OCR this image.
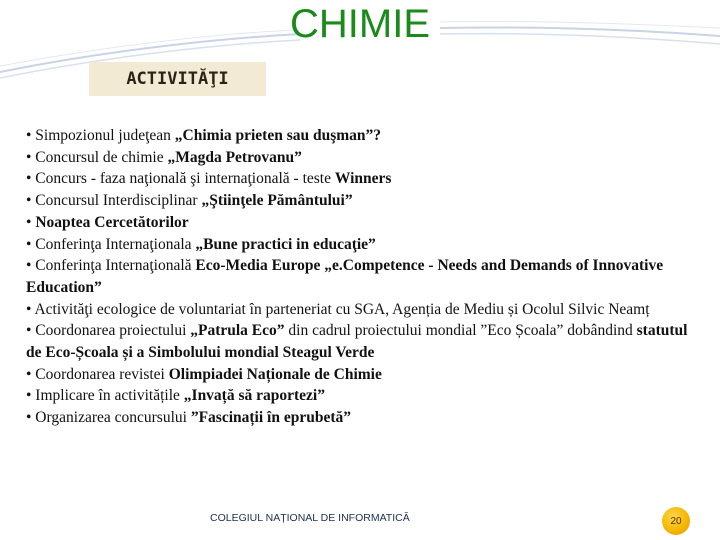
CHIMIE
ACTIVITĂŢI

• Simpozionul judeţean „Chimia prieten sau duşman”?

• Concursul de chimie „Magda Petrovanu”

• Concurs - faza naţională şi internaţională - teste Winners

• Concursul Interdisciplinar „Ştiinţele Pământului”

• Noaptea Cercetătorilor

• Conferinţa Internaţionala „Bune practici in educaţie”

• Conferinţa Internaţională Eco-Media Europe „e.Competence - Needs and Demands of Innovative Education”

• Activităţi ecologice de voluntariat în parteneriat cu SGA, Agenția de Mediu și Ocolul Silvic Neamț

• Coordonarea proiectului „Patrula Eco” din cadrul proiectului mondial ”Eco Școala” dobândind statutul de Eco-Școala și a Simbolului mondial Steagul Verde

• Coordonarea revistei Olimpiadei Naționale de Chimie

• Implicare în activitățile „Invață să raportezi”

• Organizarea concursului ”Fascinații în eprubetă”

COLEGIUL NAȚIONAL DE INFORMATICĂ	20
